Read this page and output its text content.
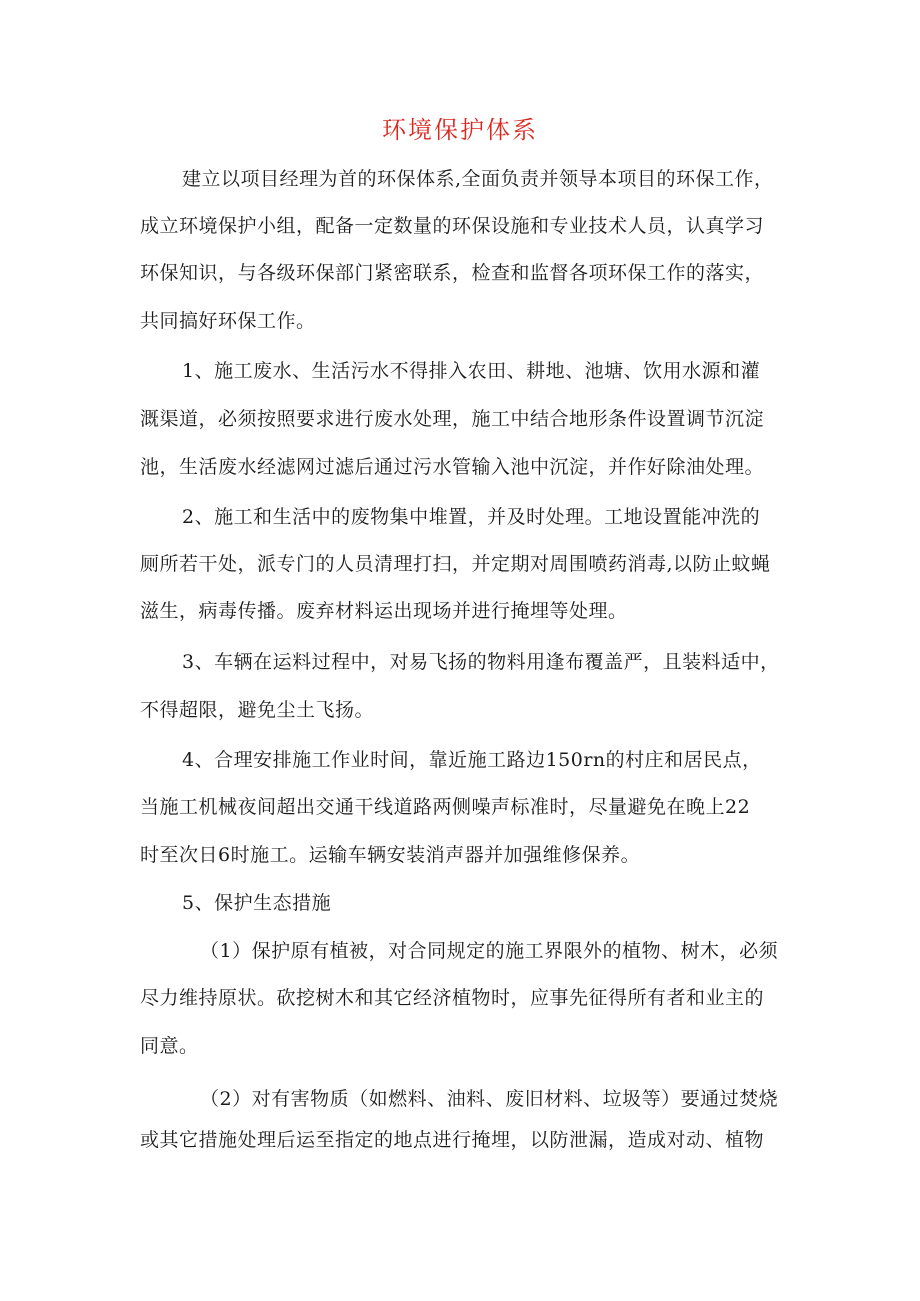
环境保护体系
建立以项目经理为首的环保体系,全面负责并领导本项目的环保工作，
成立环境保护小组，配备一定数量的环保设施和专业技术人员，认真学习
环保知识，与各级环保部门紧密联系，检查和监督各项环保工作的落实，
共同搞好环保工作。
1、施工废水、生活污水不得排入农田、耕地、池塘、饮用水源和灌
溉渠道，必须按照要求进行废水处理，施工中结合地形条件设置调节沉淀
池，生活废水经滤网过滤后通过污水管输入池中沉淀，并作好除油处理。
2、施工和生活中的废物集中堆置，并及时处理。工地设置能冲洗的
厕所若干处，派专门的人员清理打扫，并定期对周围喷药消毒,以防止蚊蝇
滋生，病毒传播。废弃材料运出现场并进行掩埋等处理。
3、车辆在运料过程中，对易飞扬的物料用逢布覆盖严，且装料适中，
不得超限，避免尘土飞扬。
4、合理安排施工作业时间，靠近施工路边150rn的村庄和居民点，
当施工机械夜间超出交通干线道路两侧噪声标准时，尽量避免在晚上22
时至次日6时施工。运输车辆安装消声器并加强维修保养。
5、保护生态措施
（1）保护原有植被，对合同规定的施工界限外的植物、树木，必须
尽力维持原状。砍挖树木和其它经济植物时，应事先征得所有者和业主的
同意。
（2）对有害物质（如燃料、油料、废旧材料、垃圾等）要通过焚烧
或其它措施处理后运至指定的地点进行掩埋，以防泄漏，造成对动、植物
